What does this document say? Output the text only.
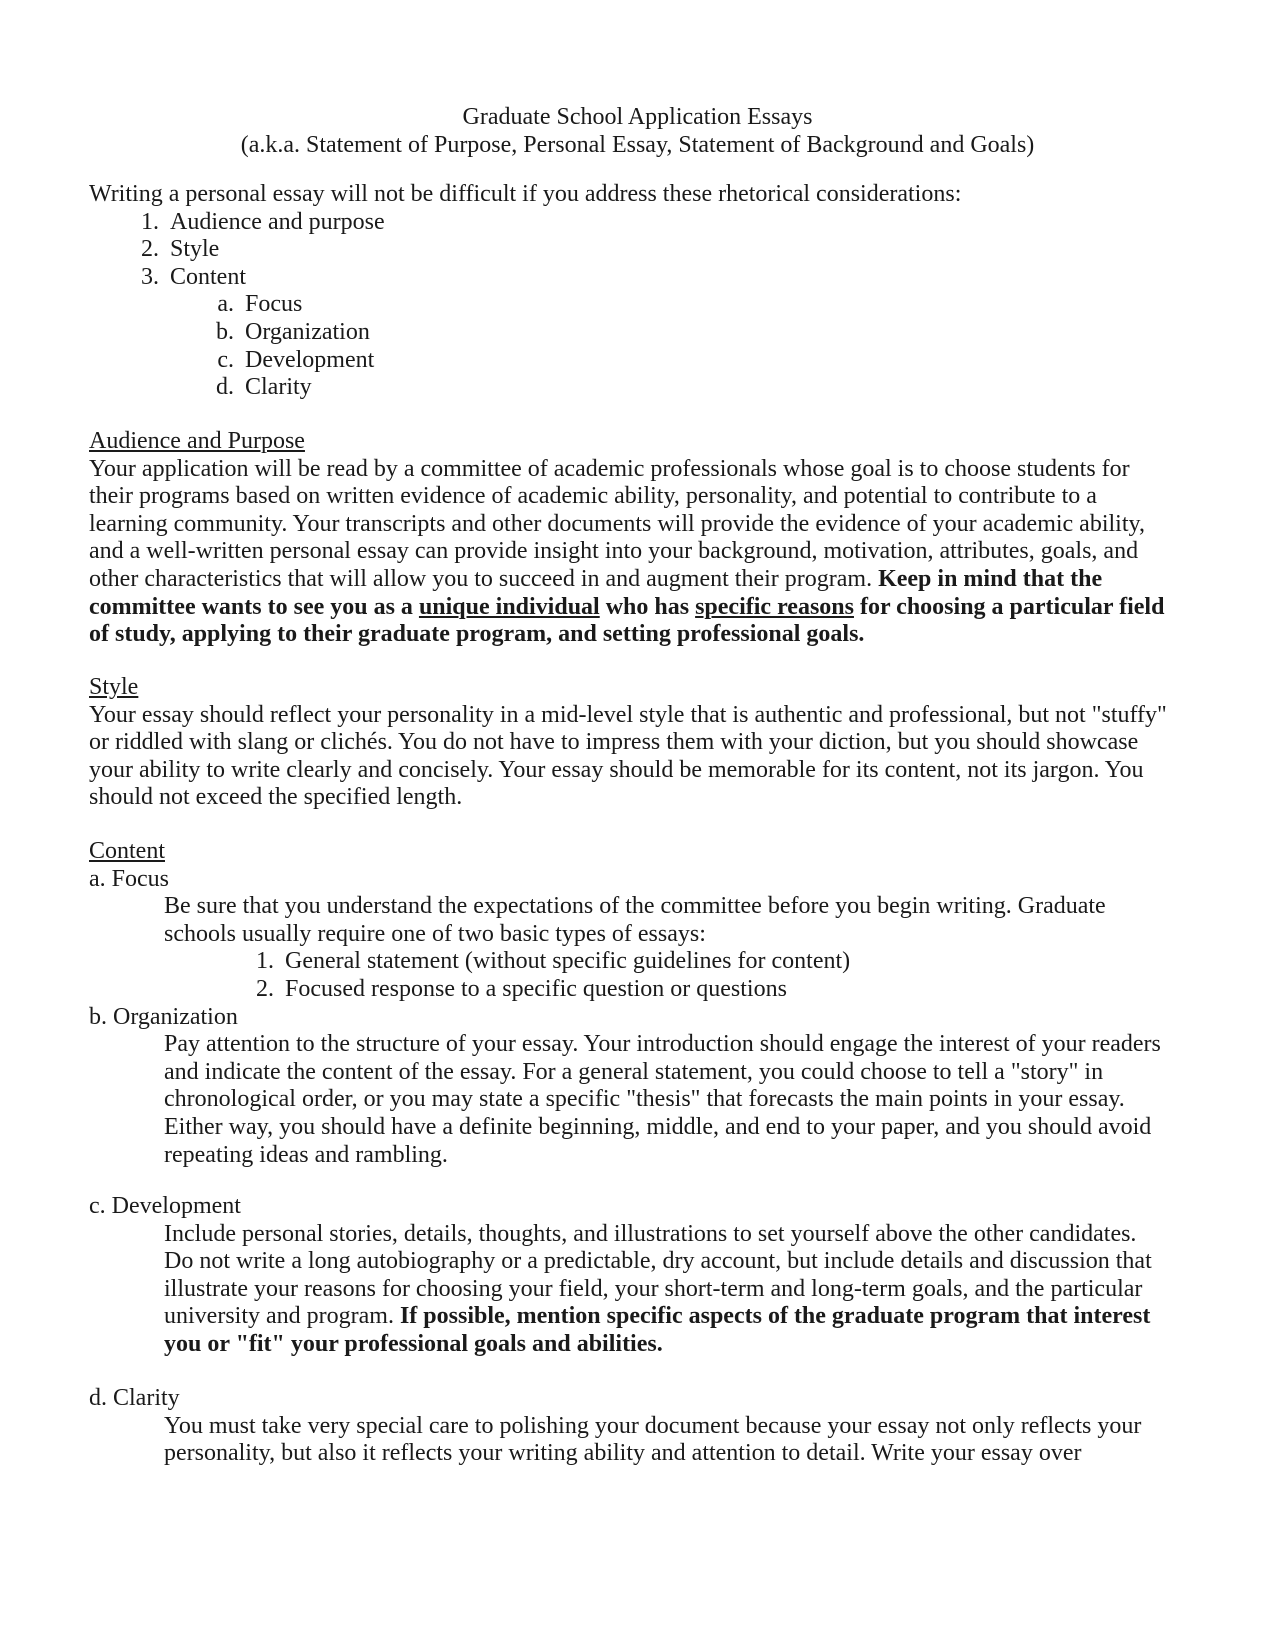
Graduate School Application Essays

(a.k.a. Statement of Purpose, Personal Essay, Statement of Background and Goals)

Writing a personal essay will not be difficult if you address these rhetorical considerations:

1. Audience and purpose

2. Style

3. Content

a. Focus

b. Organization

c. Development

d. Clarity

Audience and Purpose

Your application will be read by a committee of academic professionals whose goal is to choose students for their programs based on written evidence of academic ability, personality, and potential to contribute to a learning community. Your transcripts and other documents will provide the evidence of your academic ability, and a well-written personal essay can provide insight into your background, motivation, attributes, goals, and other characteristics that will allow you to succeed in and augment their program. Keep in mind that the committee wants to see you as a unique individual who has specific reasons for choosing a particular field of study, applying to their graduate program, and setting professional goals.

Style

Your essay should reflect your personality in a mid-level style that is authentic and professional, but not "stuffy" or riddled with slang or clichés. You do not have to impress them with your diction, but you should showcase your ability to write clearly and concisely. Your essay should be memorable for its content, not its jargon. You should not exceed the specified length.

Content

a. Focus

Be sure that you understand the expectations of the committee before you begin writing. Graduate schools usually require one of two basic types of essays:

1. General statement (without specific guidelines for content)

2. Focused response to a specific question or questions

b. Organization

Pay attention to the structure of your essay. Your introduction should engage the interest of your readers and indicate the content of the essay. For a general statement, you could choose to tell a "story" in chronological order, or you may state a specific "thesis" that forecasts the main points in your essay. Either way, you should have a definite beginning, middle, and end to your paper, and you should avoid repeating ideas and rambling.

c. Development

Include personal stories, details, thoughts, and illustrations to set yourself above the other candidates. Do not write a long autobiography or a predictable, dry account, but include details and discussion that illustrate your reasons for choosing your field, your short-term and long-term goals, and the particular university and program. If possible, mention specific aspects of the graduate program that interest you or "fit" your professional goals and abilities.

d. Clarity

You must take very special care to polishing your document because your essay not only reflects your personality, but also it reflects your writing ability and attention to detail. Write your essay over
